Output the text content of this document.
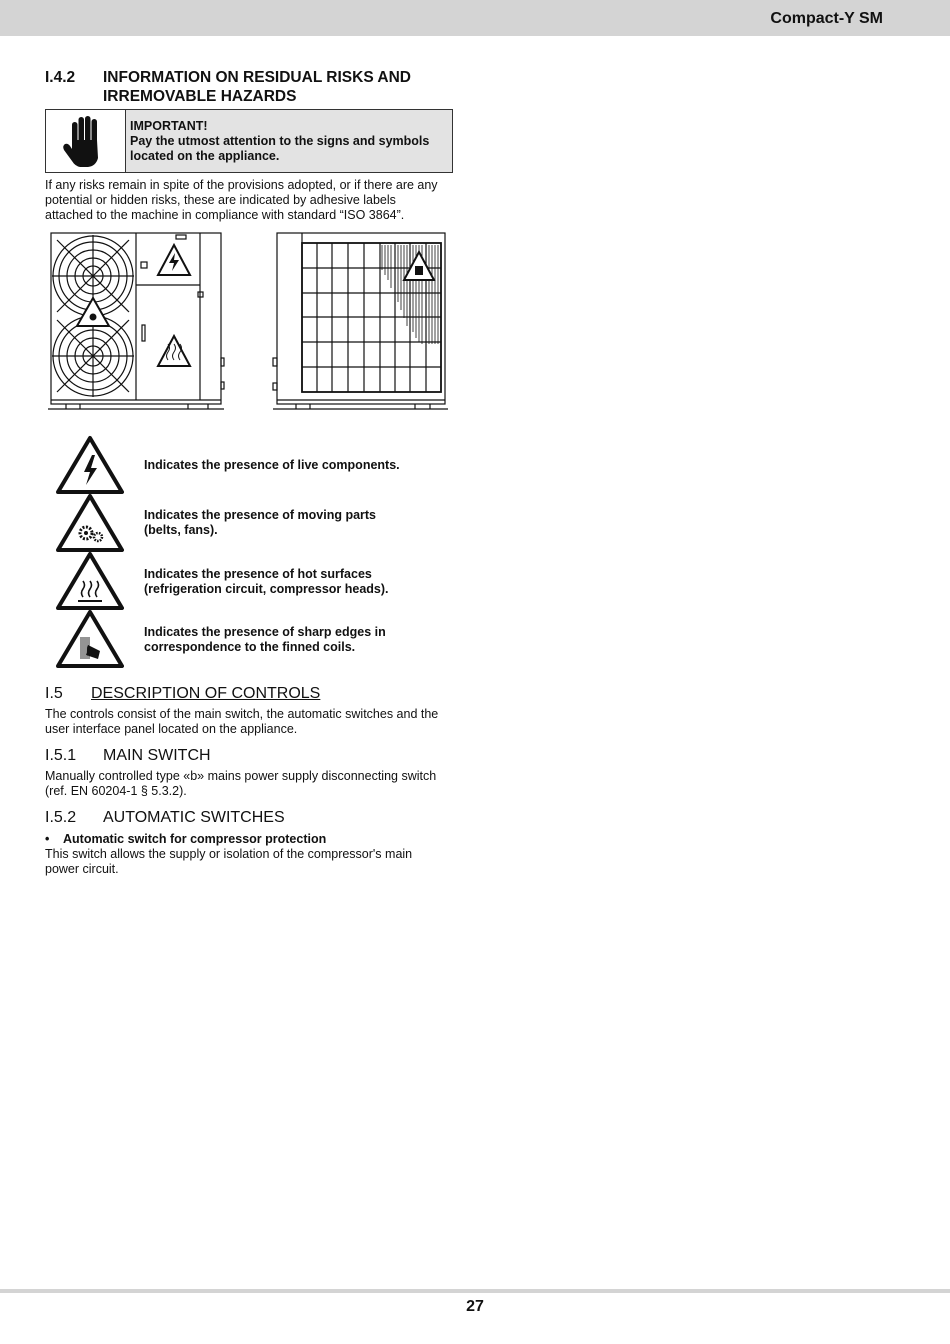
Compact-Y SM
I.4.2 INFORMATION ON RESIDUAL RISKS AND
IRREMOVABLE HAZARDS
IMPORTANT!
Pay the utmost attention to the signs and symbols
located on the appliance.
If any risks remain in spite of the provisions adopted, or if there are any
potential or hidden risks, these are indicated by adhesive labels
attached to the machine in compliance with standard “ISO 3864”.
Indicates the presence of live components.
Indicates the presence of moving parts
(belts, fans).
Indicates the presence of hot surfaces
(refrigeration circuit, compressor heads).
Indicates the presence of sharp edges in
correspondence to the finned coils.
I.5 DESCRIPTION OF CONTROLS
The controls consist of the main switch, the automatic switches and the
user interface panel located on the appliance.
I.5.1 MAIN SWITCH
Manually controlled type «b» mains power supply disconnecting switch
(ref. EN 60204-1 § 5.3.2).
I.5.2 AUTOMATIC SWITCHES
•	Automatic switch for compressor protection
This switch allows the supply or isolation of the compressor's main
power circuit.
27
